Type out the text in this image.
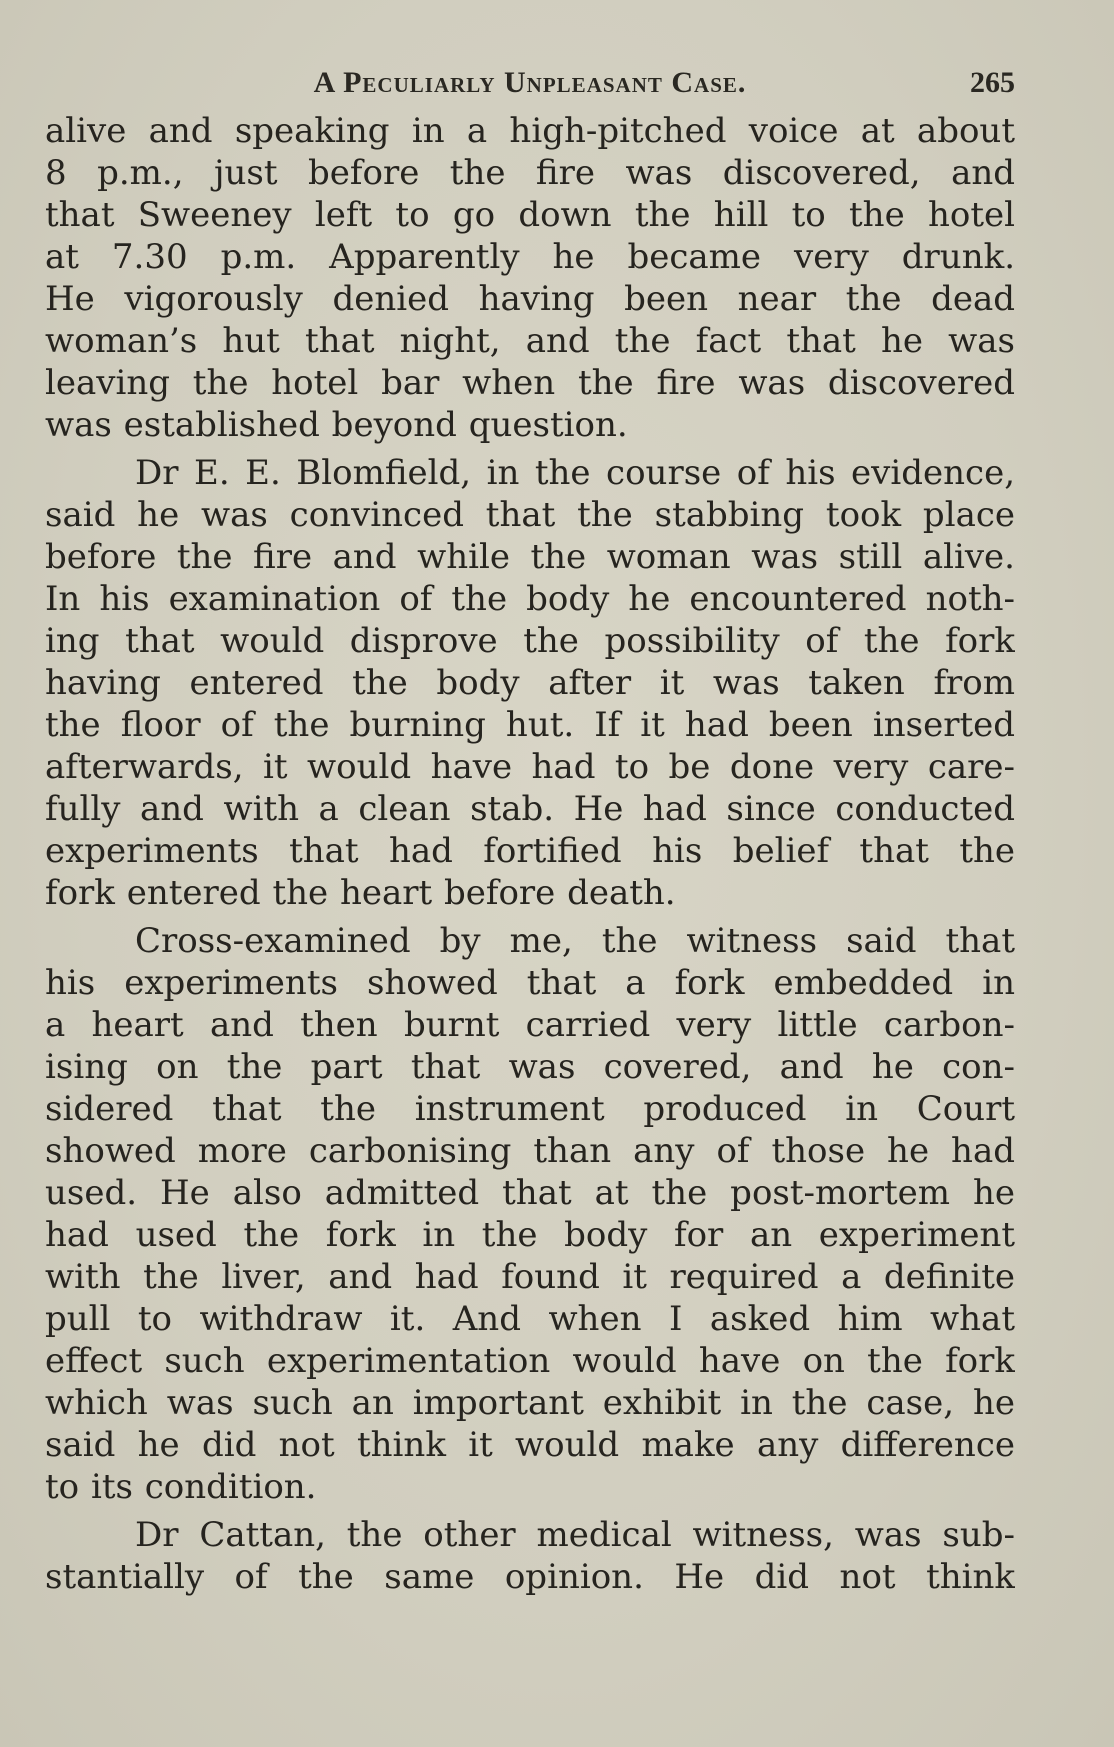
A Peculiarly Unpleasant Case.	265
alive and speaking in a high-pitched voice at about
8 p.m., just before the fire was discovered, and
that Sweeney left to go down the hill to the hotel
at 7.30 p.m. Apparently he became very drunk.
He vigorously denied having been near the dead
woman’s hut that night, and the fact that he was
leaving the hotel bar when the fire was discovered
was established beyond question.
Dr E. E. Blomfield, in the course of his evidence,
said he was convinced that the stabbing took place
before the fire and while the woman was still alive.
In his examination of the body he encountered noth-
ing that would disprove the possibility of the fork
having entered the body after it was taken from
the floor of the burning hut. If it had been inserted
afterwards, it would have had to be done very care-
fully and with a clean stab. He had since conducted
experiments that had fortified his belief that the
fork entered the heart before death.
Cross-examined by me, the witness said that
his experiments showed that a fork embedded in
a heart and then burnt carried very little carbon-
ising on the part that was covered, and he con-
sidered that the instrument produced in Court
showed more carbonising than any of those he had
used. He also admitted that at the post-mortem he
had used the fork in the body for an experiment
with the liver, and had found it required a definite
pull to withdraw it. And when I asked him what
effect such experimentation would have on the fork
which was such an important exhibit in the case, he
said he did not think it would make any difference
to its condition.
Dr Cattan, the other medical witness, was sub-
stantially of the same opinion. He did not think
